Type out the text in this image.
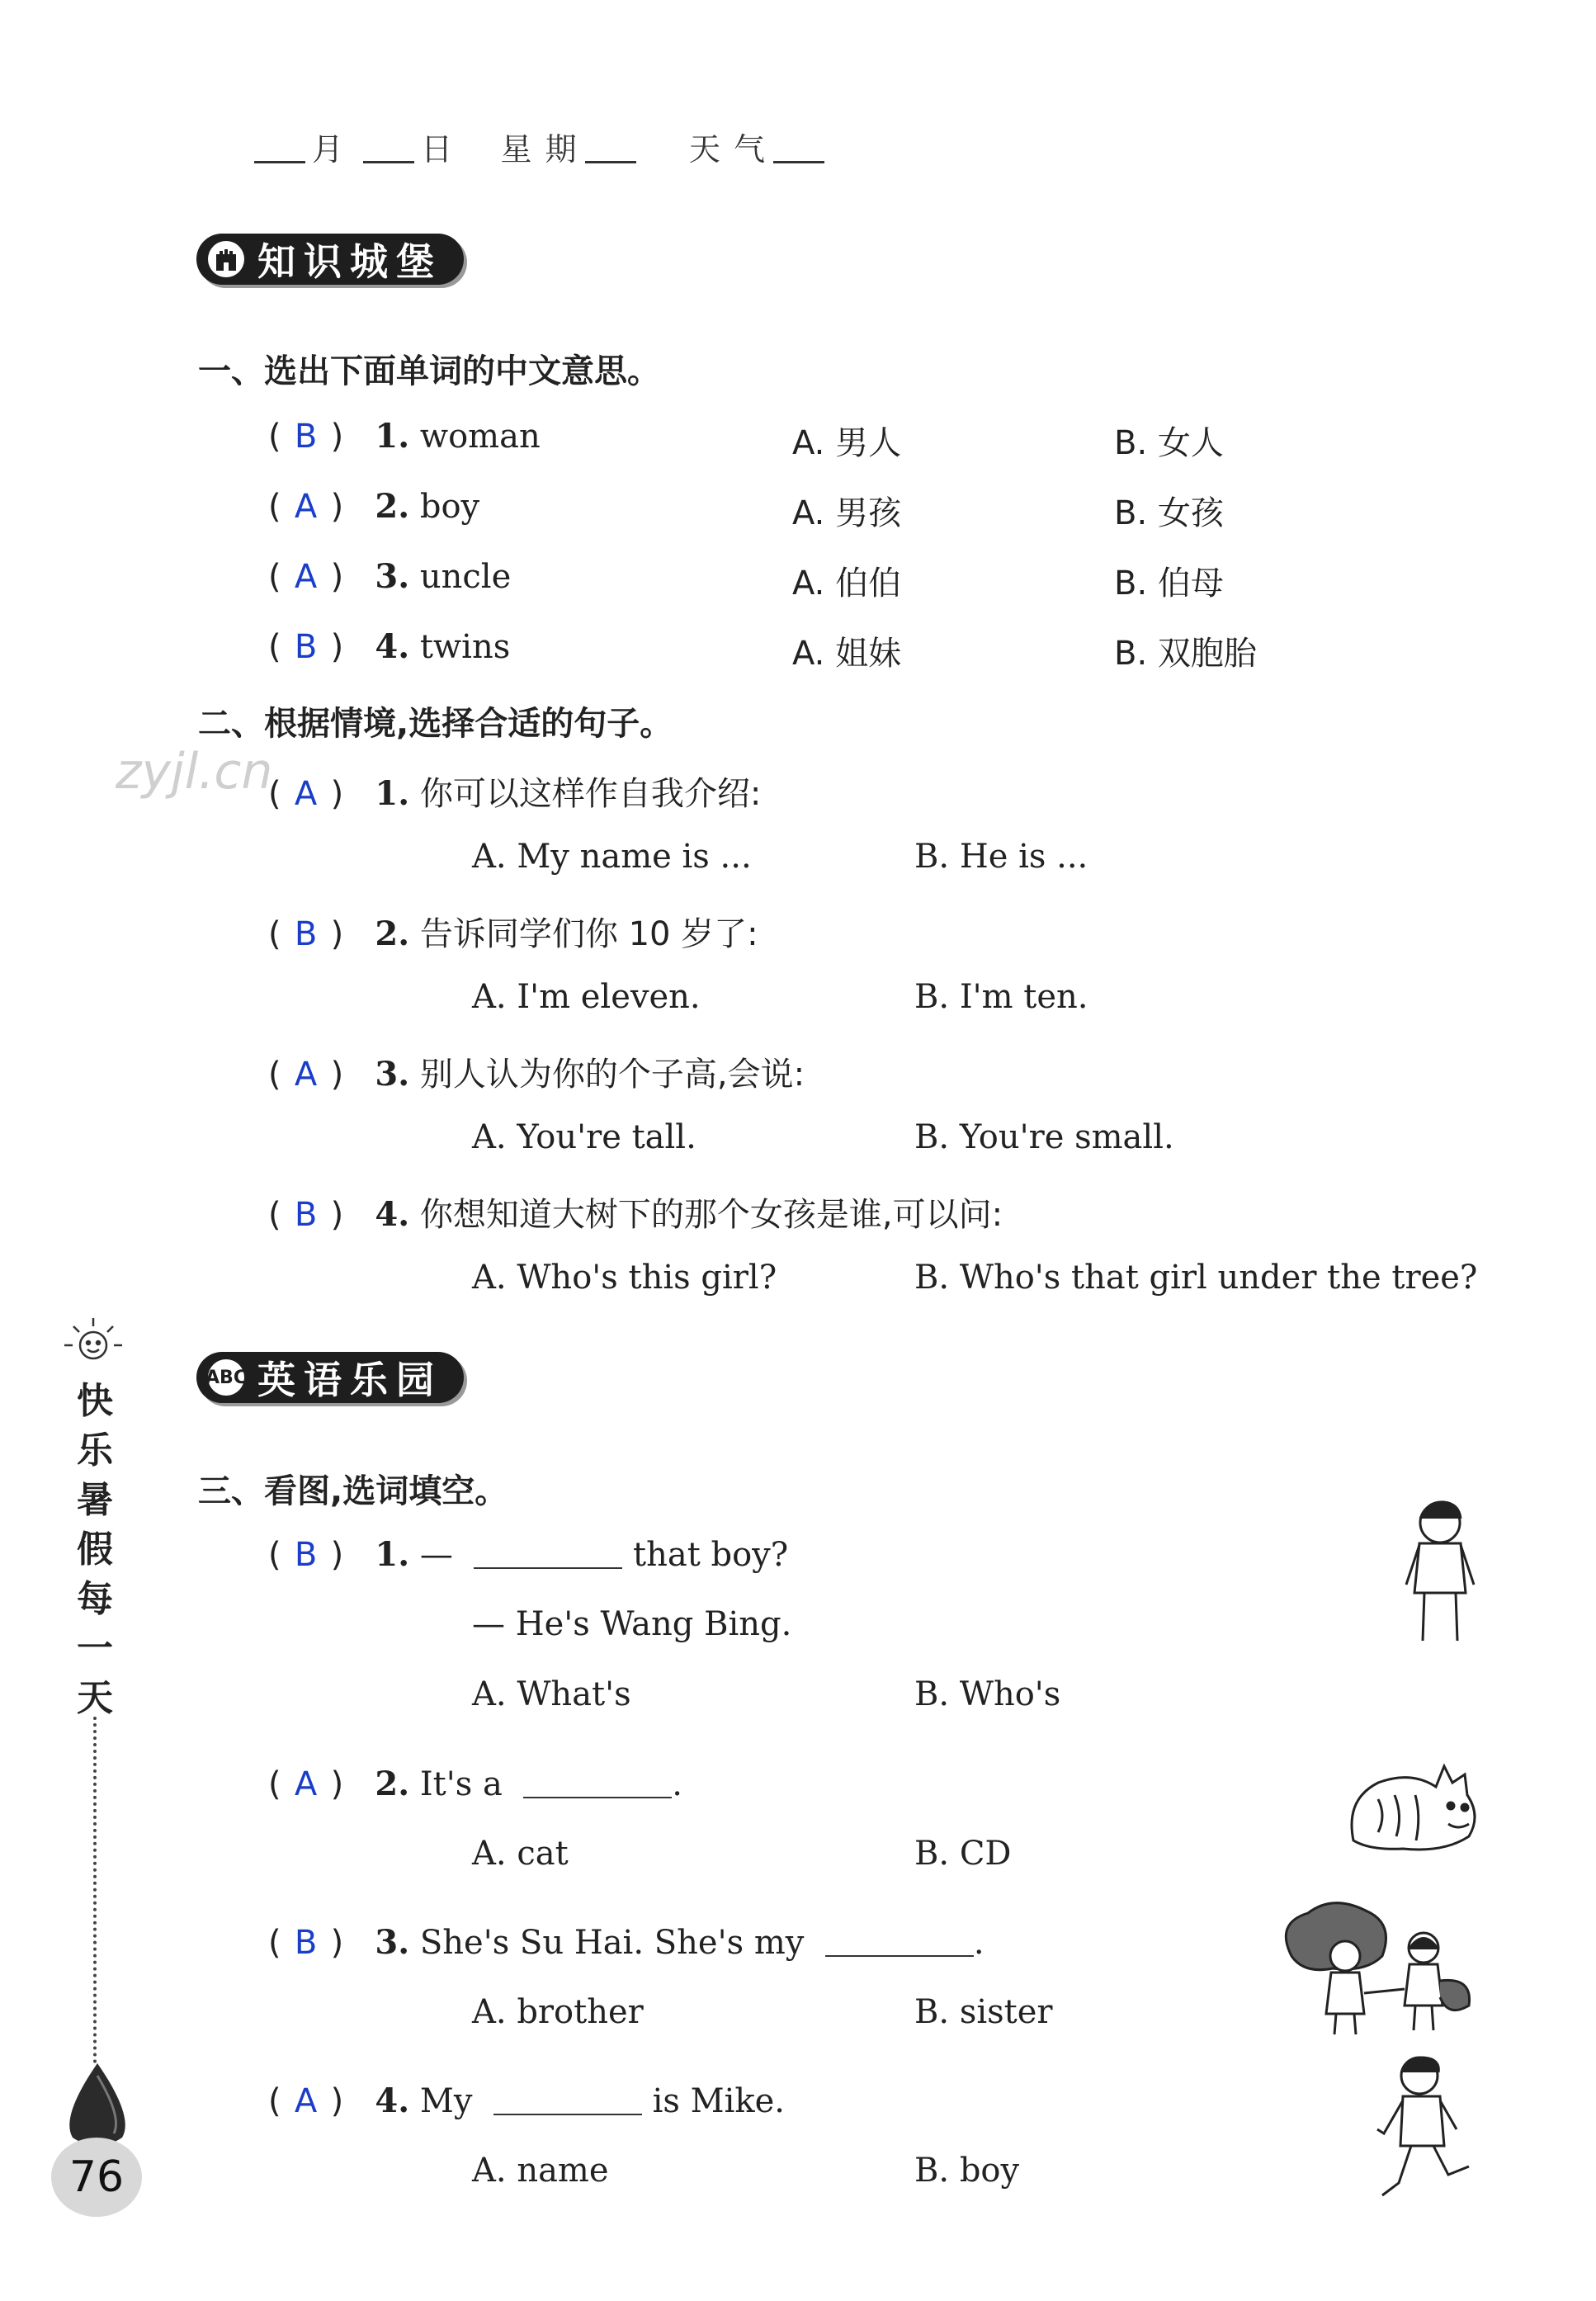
月 日 星 期	天 气
知识城堡
zyjl.cn
一、选出下面单词的中文意思。
( B ) 1. woman	A. 男人	B. 女人
( A ) 2. boy	A. 男孩	B. 女孩
( A ) 3. uncle	A. 伯伯	B. 伯母
( B ) 4. twins	A. 姐妹	B. 双胞胎
二、根据情境,选择合适的句子。
( A ) 1. 你可以这样作自我介绍:
A. My name is ...	B. He is ...
( B ) 2. 告诉同学们你 10 岁了:
A. I'm eleven.	B. I'm ten.
( A ) 3. 别人认为你的个子高,会说:
A. You're tall.	B. You're small.
( B ) 4. 你想知道大树下的那个女孩是谁,可以问:
A. Who's this girl?	B. Who's that girl under the tree?
ABC 英语乐园
三、看图,选词填空。
( B ) 1. —	that boy?
— He's Wang Bing.
A. What's	B. Who's
( A ) 2. It's a	.
A. cat	B. CD
( B ) 3. She's Su Hai. She's my	.
A. brother	B. sister
( A ) 4. My	is Mike.
A. name	B. boy
快
乐
暑
假
每
一
天
76
